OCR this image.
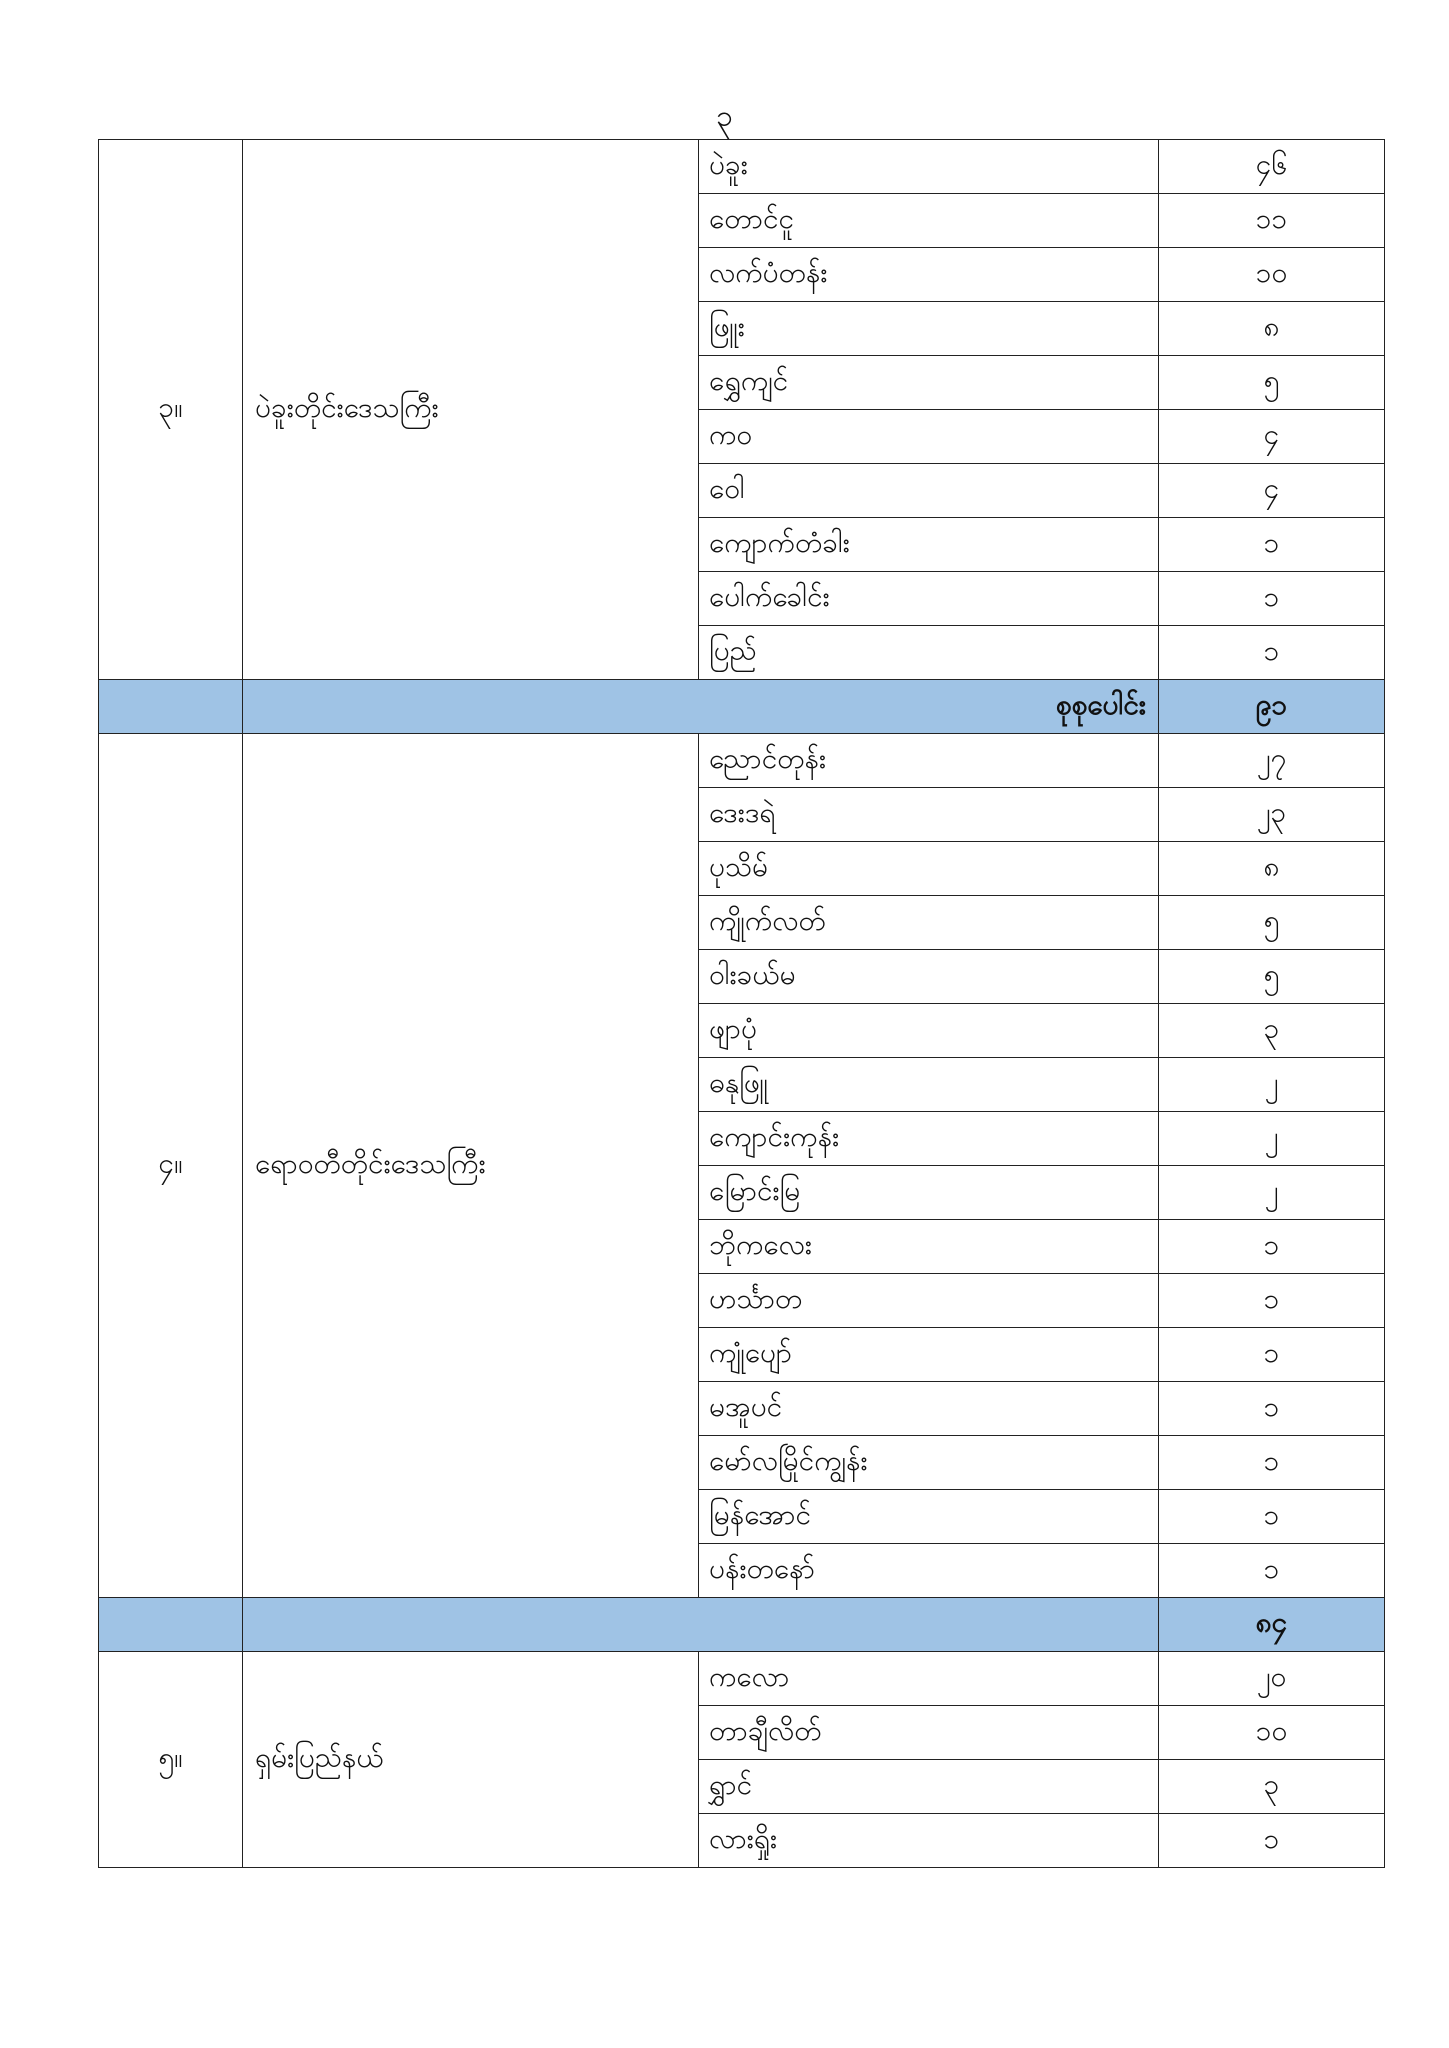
၃
၃။	ပဲခူးတိုင်းဒေသကြီး	ပဲခူး	၄၆
		တောင်ငူ	၁၁
		လက်ပံတန်း	၁၀
		ဖြူး	၈
		ရွှေကျင်	၅
		ကဝ	၄
		ဝေါ	၄
		ကျောက်တံခါး	၁
		ပေါက်ခေါင်း	၁
		ပြည်	၁
	စုစုပေါင်း		၉၁
၄။	ရောဝတီတိုင်းဒေသကြီး	ညောင်တုန်း	၂၇
		ဒေးဒရဲ	၂၃
		ပုသိမ်	၈
		ကျိုက်လတ်	၅
		ဝါးခယ်မ	၅
		ဖျာပုံ	၃
		ဓနုဖြူ	၂
		ကျောင်းကုန်း	၂
		မြောင်းမြ	၂
		ဘိုကလေး	၁
		ဟင်္သာတ	၁
		ကျုံပျော်	၁
		မအူပင်	၁
		မော်လမြိုင်ကျွန်း	၁
		မြန်အောင်	၁
		ပန်းတနော်	၁
			၈၄
၅။	ရှမ်းပြည်နယ်	ကလော	၂၀
		တာချီလိတ်	၁၀
		ရွှာင်	၃
		လားရှိုး	၁
